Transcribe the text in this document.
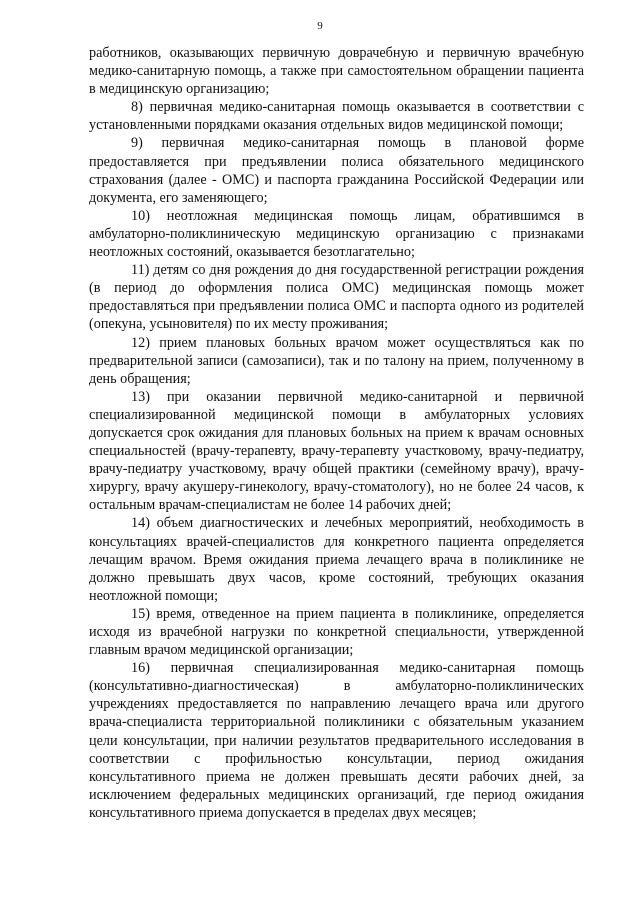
9

работников, оказывающих первичную доврачебную и первичную врачебную медико-санитарную помощь, а также при самостоятельном обращении пациента в медицинскую организацию;

8) первичная медико-санитарная помощь оказывается в соответствии с установленными порядками оказания отдельных видов медицинской помощи;

9) первичная медико-санитарная помощь в плановой форме предоставляется при предъявлении полиса обязательного медицинского страхования (далее - ОМС) и паспорта гражданина Российской Федерации или документа, его заменяющего;

10) неотложная медицинская помощь лицам, обратившимся в амбулаторно-поликлиническую медицинскую организацию с признаками неотложных состояний, оказывается безотлагательно;

11) детям со дня рождения до дня государственной регистрации рождения (в период до оформления полиса ОМС) медицинская помощь может предоставляться при предъявлении полиса ОМС и паспорта одного из родителей (опекуна, усыновителя) по их месту проживания;

12) прием плановых больных врачом может осуществляться как по предварительной записи (самозаписи), так и по талону на прием, полученному в день обращения;

13) при оказании первичной медико-санитарной и первичной специализированной медицинской помощи в амбулаторных условиях допускается срок ожидания для плановых больных на прием к врачам основных специальностей (врачу-терапевту, врачу-терапевту участковому, врачу-педиатру, врачу-педиатру участковому, врачу общей практики (семейному врачу), врачу-хирургу, врачу акушеру-гинекологу, врачу-стоматологу), но не более 24 часов, к остальным врачам-специалистам не более 14 рабочих дней;

14) объем диагностических и лечебных мероприятий, необходимость в консультациях врачей-специалистов для конкретного пациента определяется лечащим врачом. Время ожидания приема лечащего врача в поликлинике не должно превышать двух часов, кроме состояний, требующих оказания неотложной помощи;

15) время, отведенное на прием пациента в поликлинике, определяется исходя из врачебной нагрузки по конкретной специальности, утвержденной главным врачом медицинской организации;

16) первичная специализированная медико-санитарная помощь (консультативно-диагностическая) в амбулаторно-поликлинических учреждениях предоставляется по направлению лечащего врача или другого врача-специалиста территориальной поликлиники с обязательным указанием цели консультации, при наличии результатов предварительного исследования в соответствии с профильностью консультации, период ожидания консультативного приема не должен превышать десяти рабочих дней, за исключением федеральных медицинских организаций, где период ожидания консультативного приема допускается в пределах двух месяцев;
